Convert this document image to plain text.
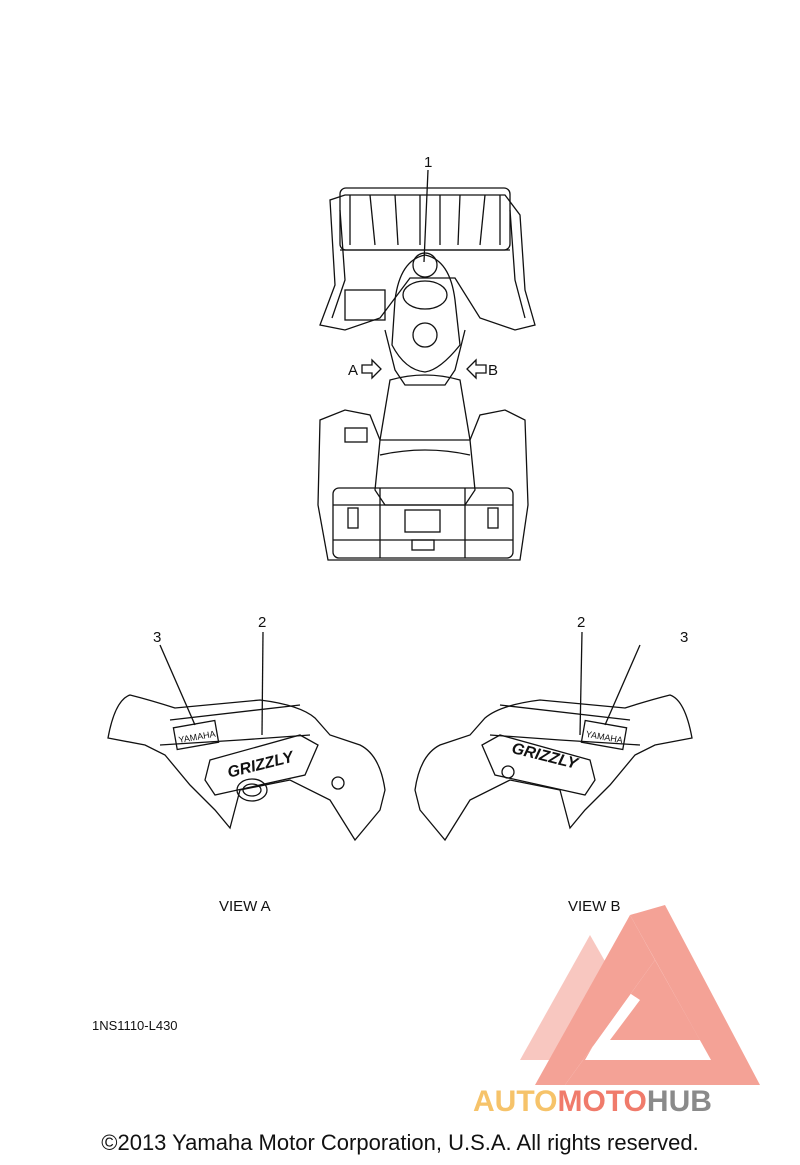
1
A	B
YAMAHA
GRIZZLY
3
2
VIEW A
YAMAHA
GRIZZLY
2
3
VIEW B
1NS1110-L430
AUTOMOTOHUB
©2013 Yamaha Motor Corporation, U.S.A. All rights reserved.
